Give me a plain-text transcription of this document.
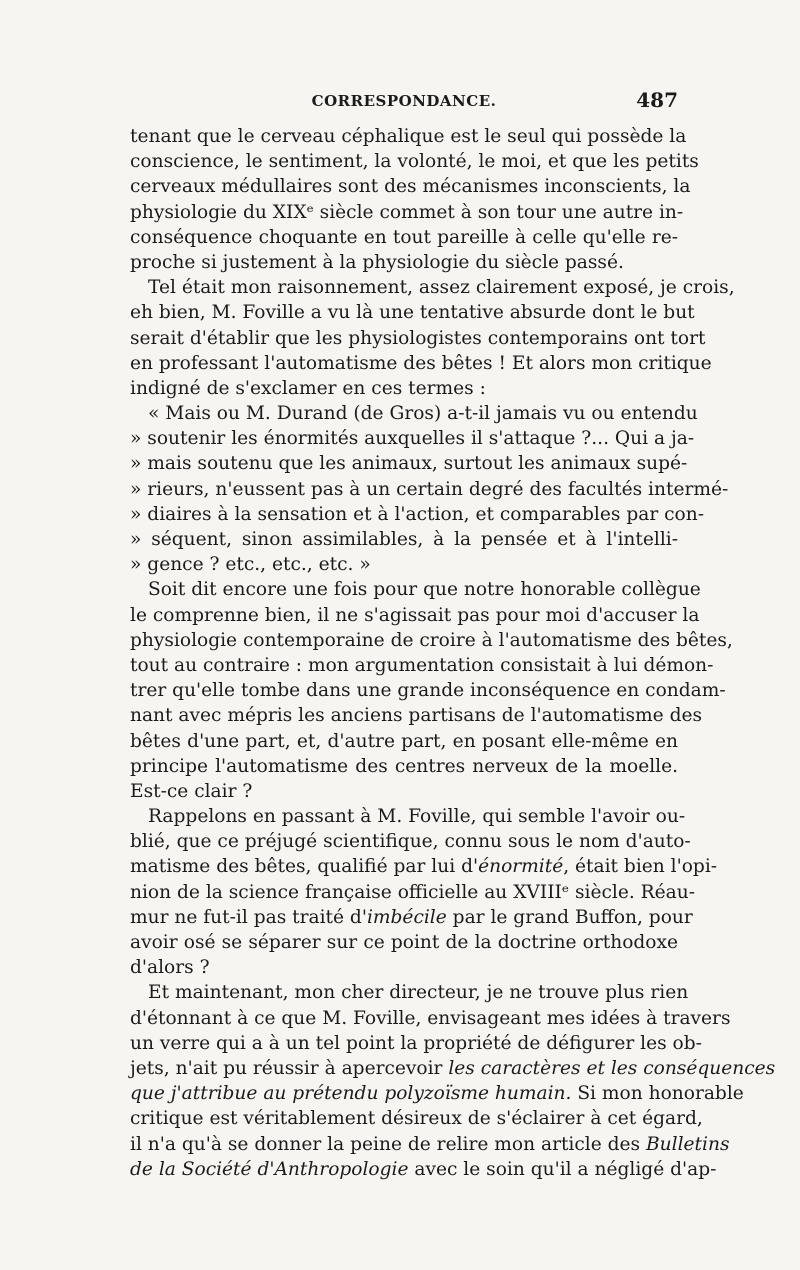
CORRESPONDANCE.	487
tenant que le cerveau céphalique est le seul qui possède la
conscience, le sentiment, la volonté, le moi, et que les petits
cerveaux médullaires sont des mécanismes inconscients, la
physiologie du XIXᵉ siècle commet à son tour une autre in-
conséquence choquante en tout pareille à celle qu'elle re-
proche si justement à la physiologie du siècle passé.
Tel était mon raisonnement, assez clairement exposé, je crois,
eh bien, M. Foville a vu là une tentative absurde dont le but
serait d'établir que les physiologistes contemporains ont tort
en professant l'automatisme des bêtes ! Et alors mon critique
indigné de s'exclamer en ces termes :
« Mais ou M. Durand (de Gros) a-t-il jamais vu ou entendu
» soutenir les énormités auxquelles il s'attaque ?... Qui a ja-
» mais soutenu que les animaux, surtout les animaux supé-
» rieurs, n'eussent pas à un certain degré des facultés intermé-
» diaires à la sensation et à l'action, et comparables par con-
» séquent, sinon assimilables, à la pensée et à l'intelli-
» gence ? etc., etc., etc. »
Soit dit encore une fois pour que notre honorable collègue
le comprenne bien, il ne s'agissait pas pour moi d'accuser la
physiologie contemporaine de croire à l'automatisme des bêtes,
tout au contraire : mon argumentation consistait à lui démon-
trer qu'elle tombe dans une grande inconséquence en condam-
nant avec mépris les anciens partisans de l'automatisme des
bêtes d'une part, et, d'autre part, en posant elle-même en
principe l'automatisme des centres nerveux de la moelle.
Est-ce clair ?
Rappelons en passant à M. Foville, qui semble l'avoir ou-
blié, que ce préjugé scientifique, connu sous le nom d'auto-
matisme des bêtes, qualifié par lui d'énormité, était bien l'opi-
nion de la science française officielle au XVIIIᵉ siècle. Réau-
mur ne fut-il pas traité d'imbécile par le grand Buffon, pour
avoir osé se séparer sur ce point de la doctrine orthodoxe
d'alors ?
Et maintenant, mon cher directeur, je ne trouve plus rien
d'étonnant à ce que M. Foville, envisageant mes idées à travers
un verre qui a à un tel point la propriété de défigurer les ob-
jets, n'ait pu réussir à apercevoir les caractères et les conséquences
que j'attribue au prétendu polyzoïsme humain. Si mon honorable
critique est véritablement désireux de s'éclairer à cet égard,
il n'a qu'à se donner la peine de relire mon article des Bulletins
de la Société d'Anthropologie avec le soin qu'il a négligé d'ap-
